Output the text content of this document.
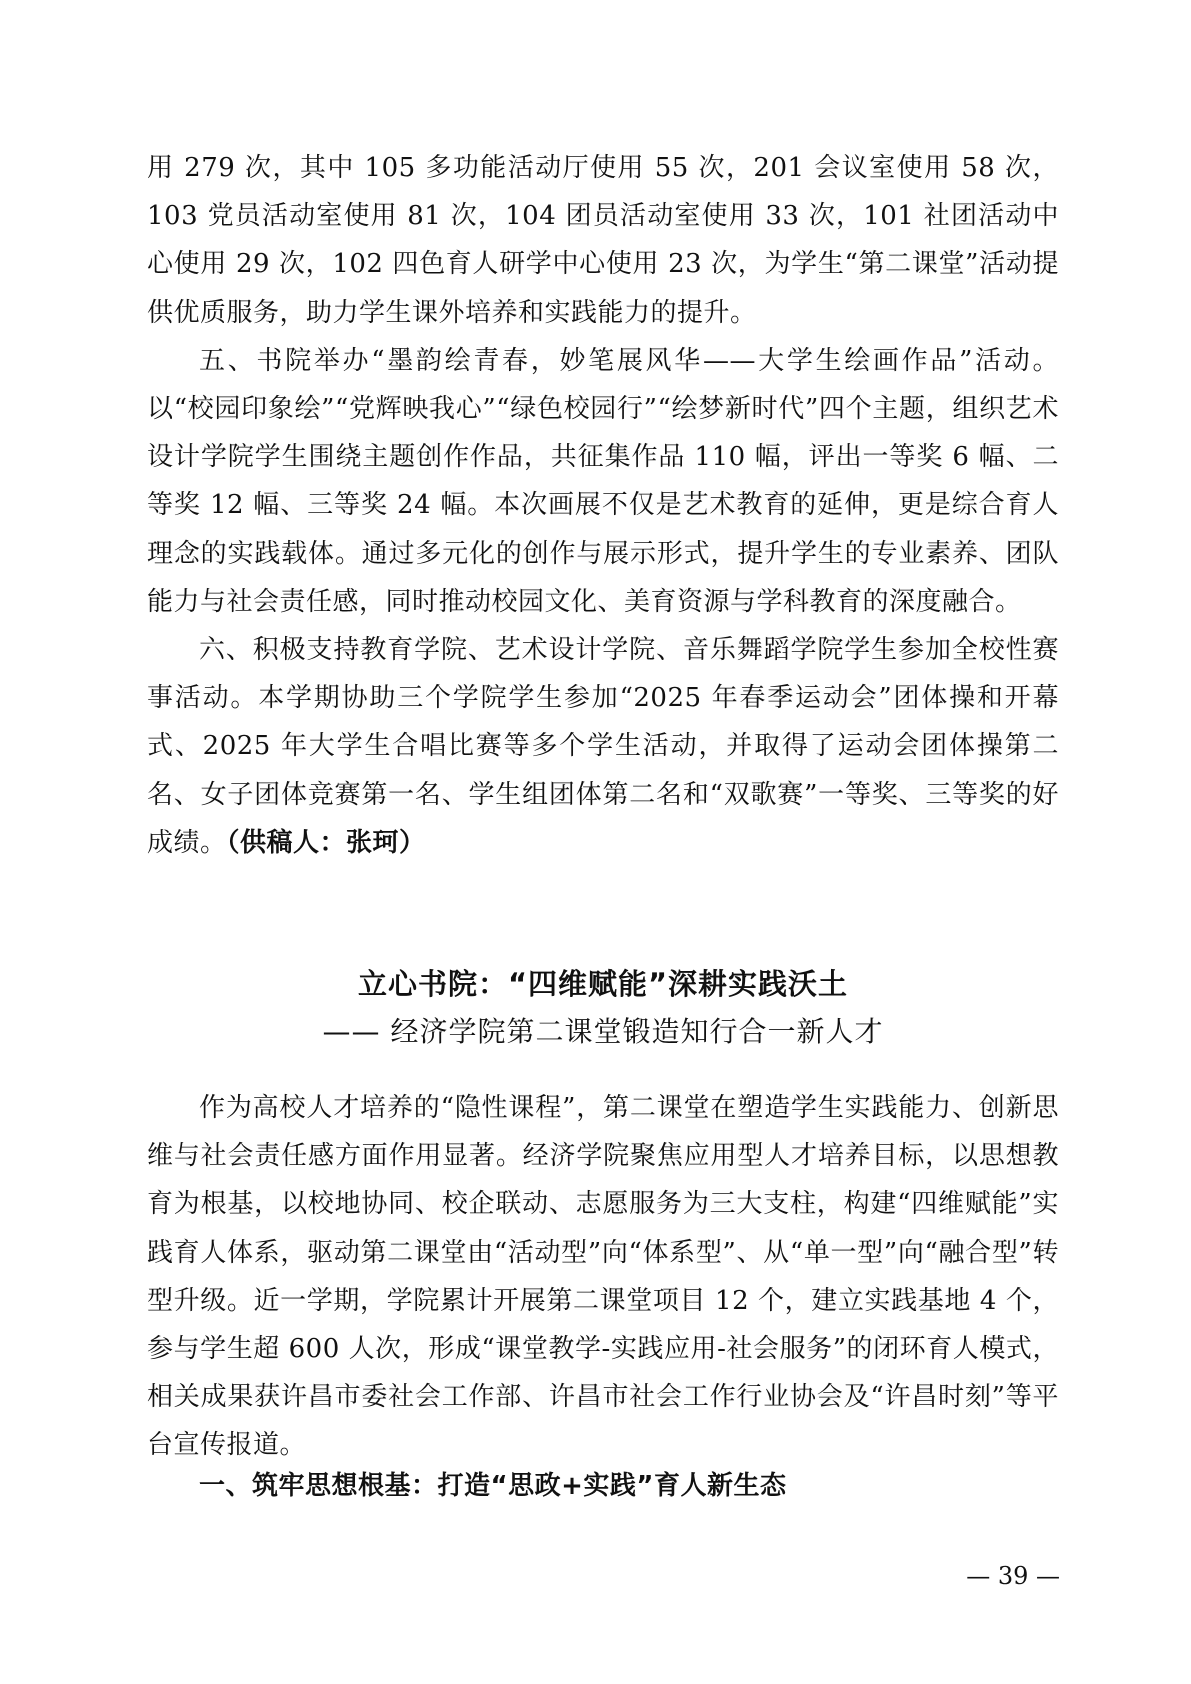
用 279 次，其中 105 多功能活动厅使用 55 次，201 会议室使用 58 次，103 党员活动室使用 81 次，104 团员活动室使用 33 次，101 社团活动中心使用 29 次，102 四色育人研学中心使用 23 次，为学生“第二课堂”活动提供优质服务，助力学生课外培养和实践能力的提升。

五、书院举办“墨韵绘青春，妙笔展风华——大学生绘画作品”活动。以“校园印象绘”“党辉映我心”“绿色校园行”“绘梦新时代”四个主题，组织艺术设计学院学生围绕主题创作作品，共征集作品 110 幅，评出一等奖 6 幅、二等奖 12 幅、三等奖 24 幅。本次画展不仅是艺术教育的延伸，更是综合育人理念的实践载体。通过多元化的创作与展示形式，提升学生的专业素养、团队能力与社会责任感，同时推动校园文化、美育资源与学科教育的深度融合。

六、积极支持教育学院、艺术设计学院、音乐舞蹈学院学生参加全校性赛事活动。本学期协助三个学院学生参加“2025 年春季运动会”团体操和开幕式、2025 年大学生合唱比赛等多个学生活动，并取得了运动会团体操第二名、女子团体竞赛第一名、学生组团体第二名和“双歌赛”一等奖、三等奖的好成绩。（供稿人：张珂）

立心书院：“四维赋能”深耕实践沃土
—— 经济学院第二课堂锻造知行合一新人才

作为高校人才培养的“隐性课程”，第二课堂在塑造学生实践能力、创新思维与社会责任感方面作用显著。经济学院聚焦应用型人才培养目标，以思想教育为根基，以校地协同、校企联动、志愿服务为三大支柱，构建“四维赋能”实践育人体系，驱动第二课堂由“活动型”向“体系型”、从“单一型”向“融合型”转型升级。近一学期，学院累计开展第二课堂项目 12 个，建立实践基地 4 个，参与学生超 600 人次，形成“课堂教学-实践应用-社会服务”的闭环育人模式，相关成果获许昌市委社会工作部、许昌市社会工作行业协会及“许昌时刻”等平台宣传报道。

一、筑牢思想根基：打造“思政+实践”育人新生态
— 39 —
